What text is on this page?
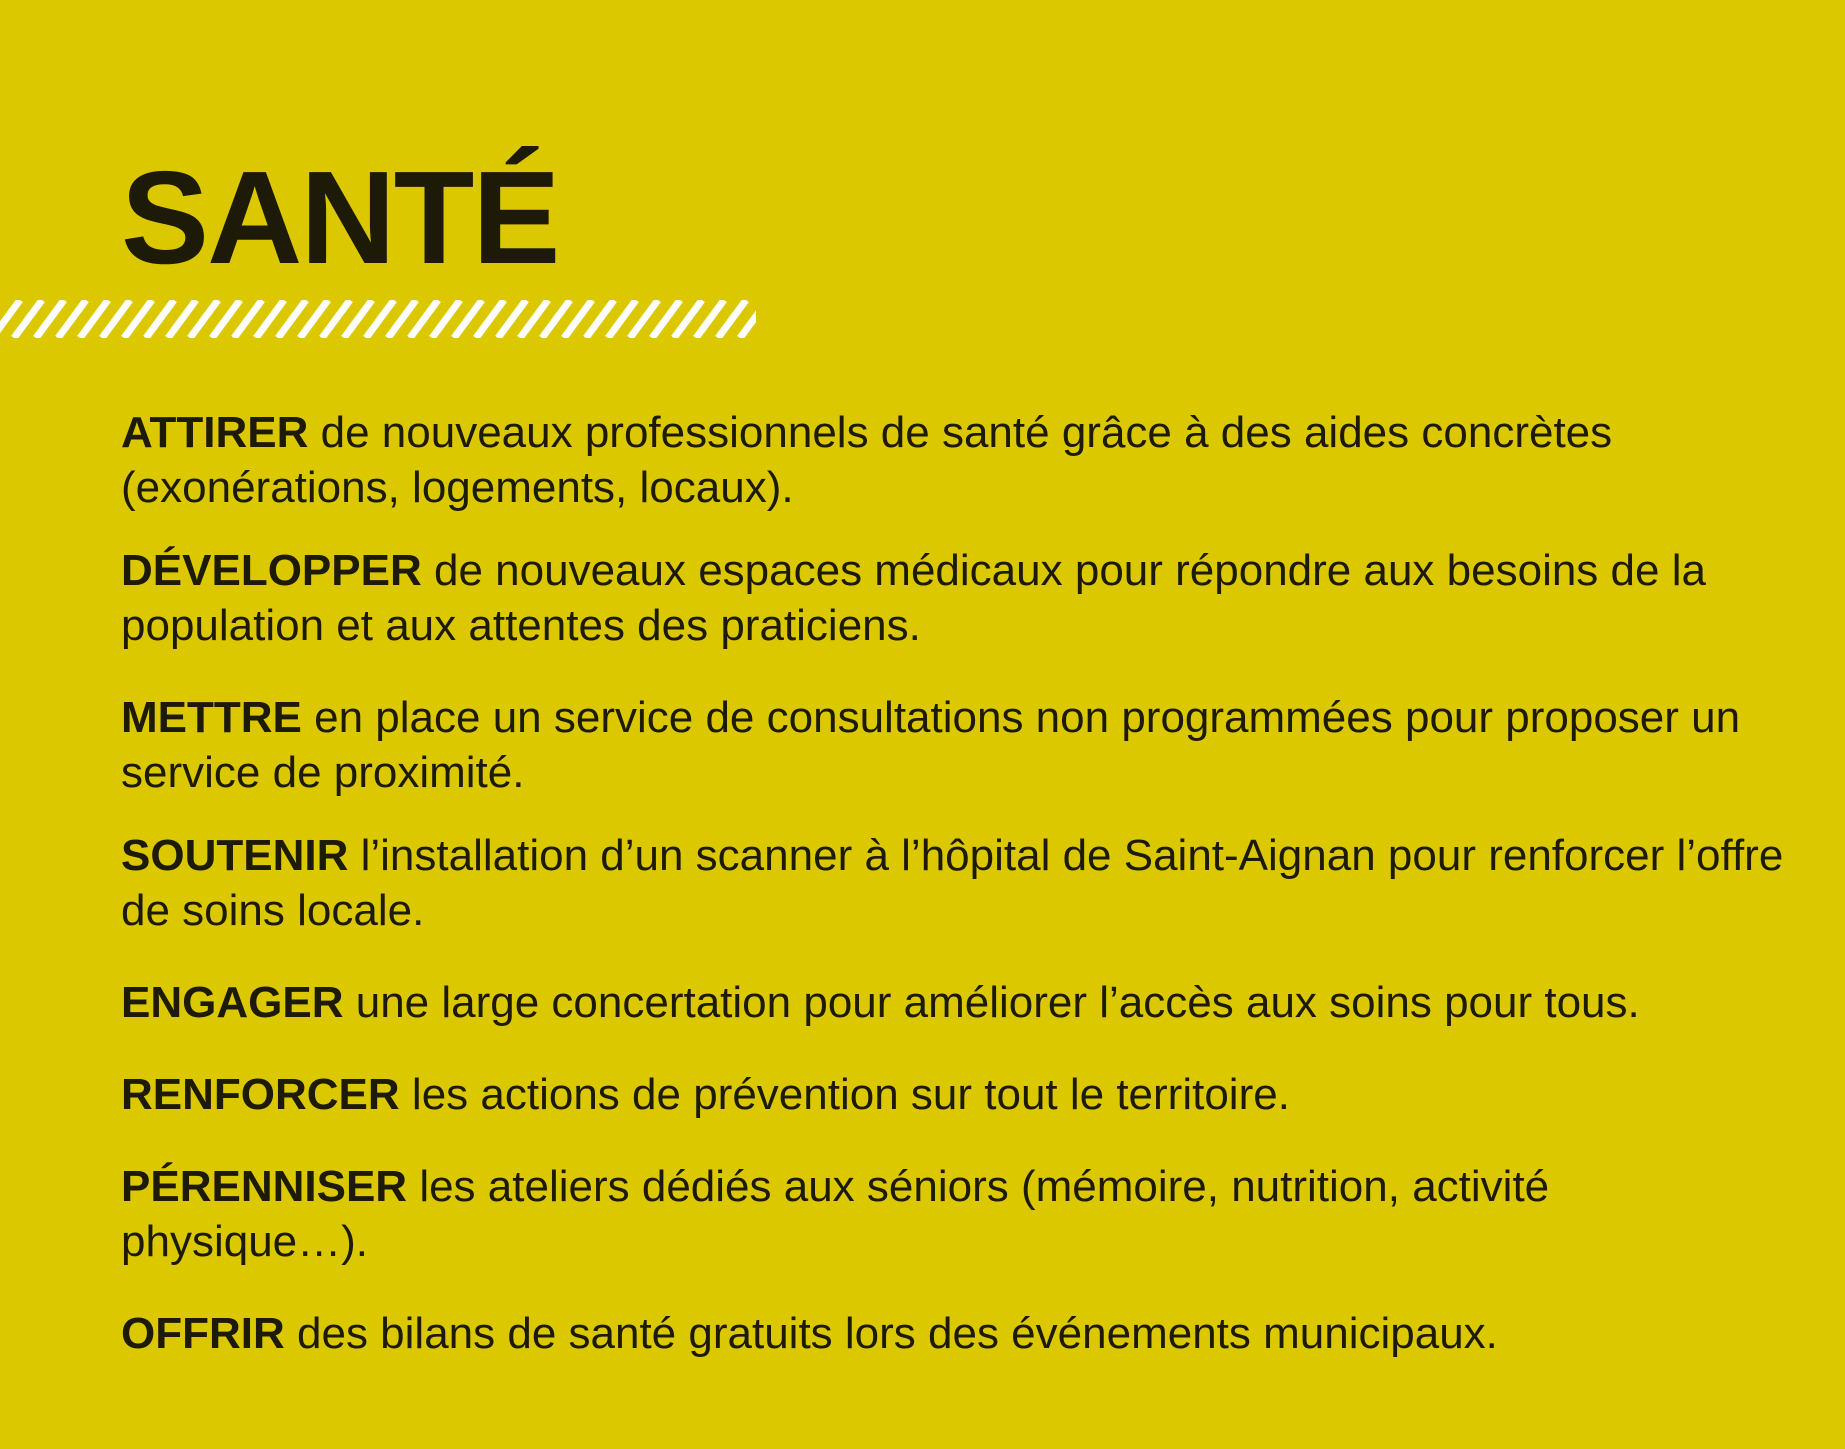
SANTÉ
ATTIRER de nouveaux professionnels de santé grâce à des aides concrètes (exonérations, logements, locaux).
DÉVELOPPER de nouveaux espaces médicaux pour répondre aux besoins de la population et aux attentes des praticiens.
METTRE en place un service de consultations non programmées pour proposer un service de proximité.
SOUTENIR l’installation d’un scanner à l’hôpital de Saint-Aignan pour renforcer l’offre de soins locale.
ENGAGER une large concertation pour améliorer l’accès aux soins pour tous.
RENFORCER les actions de prévention sur tout le territoire.
PÉRENNISER les ateliers dédiés aux séniors (mémoire, nutrition, activité physique…).
OFFRIR des bilans de santé gratuits lors des événements municipaux.
